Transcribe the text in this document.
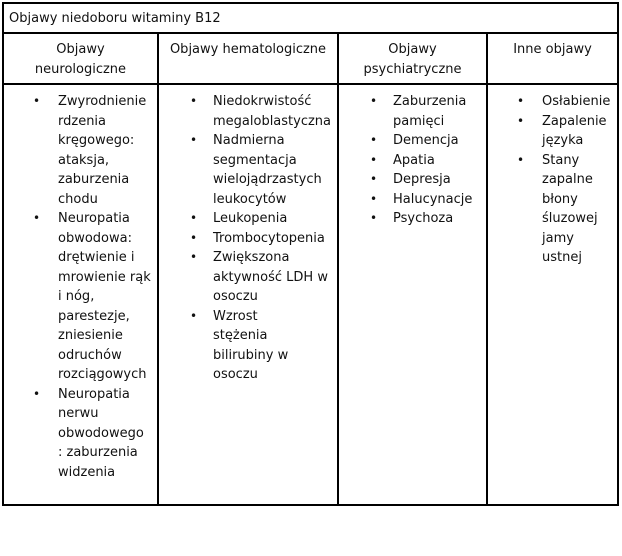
Objawy niedoboru witaminy B12
Objawy neurologiczne
• Zwyrodnienie rdzenia kręgowego: ataksja, zaburzenia chodu
• Neuropatia obwodowa: drętwienie i mrowienie rąk i nóg, parestezje, zniesienie odruchów rozciągowych
• Neuropatia nerwu obwodowego : zaburzenia widzenia
Objawy hematologiczne
• Niedokrwistość megaloblastyczna
• Nadmierna segmentacja wielojądrzastych leukocytów
• Leukopenia
• Trombocytopenia
• Zwiększona aktywność LDH w osoczu
• Wzrost stężenia bilirubiny w osoczu
Objawy psychiatryczne
• Zaburzenia pamięci
• Demencja
• Apatia
• Depresja
• Halucynacje
• Psychoza
Inne objawy
• Osłabienie
• Zapalenie języka
• Stany zapalne błony śluzowej jamy ustnej
